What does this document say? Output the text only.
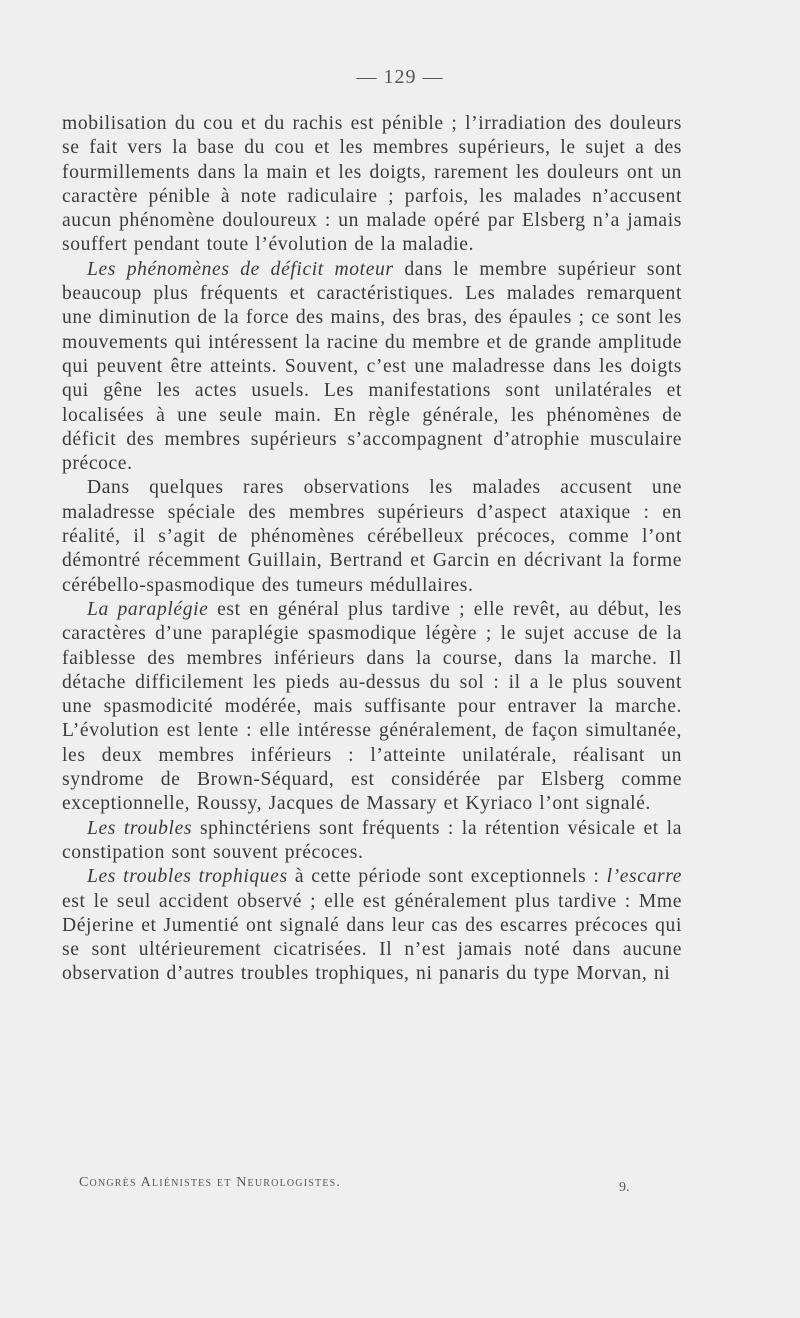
— 129 —

mobilisation du cou et du rachis est pénible ; l’irradiation des douleurs se fait vers la base du cou et les membres supérieurs, le sujet a des fourmillements dans la main et les doigts, rarement les douleurs ont un caractère pénible à note radiculaire ; parfois, les malades n’accusent aucun phénomène douloureux : un malade opéré par Elsberg n’a jamais souffert pendant toute l’évolution de la maladie.

Les phénomènes de déficit moteur dans le membre supérieur sont beaucoup plus fréquents et caractéristiques. Les malades remarquent une diminution de la force des mains, des bras, des épaules ; ce sont les mouvements qui intéressent la racine du membre et de grande amplitude qui peuvent être atteints. Souvent, c’est une maladresse dans les doigts qui gêne les actes usuels. Les manifestations sont unilatérales et localisées à une seule main. En règle générale, les phénomènes de déficit des membres supérieurs s’accompagnent d’atrophie musculaire précoce.

Dans quelques rares observations les malades accusent une maladresse spéciale des membres supérieurs d’aspect ataxique : en réalité, il s’agit de phénomènes cérébelleux précoces, comme l’ont démontré récemment Guillain, Bertrand et Garcin en décrivant la forme cérébello-spasmodique des tumeurs médullaires.

La paraplégie est en général plus tardive ; elle revêt, au début, les caractères d’une paraplégie spasmodique légère ; le sujet accuse de la faiblesse des membres inférieurs dans la course, dans la marche. Il détache difficilement les pieds au-dessus du sol : il a le plus souvent une spasmodicité modérée, mais suffisante pour entraver la marche. L’évolution est lente : elle intéresse généralement, de façon simultanée, les deux membres inférieurs : l’atteinte unilatérale, réalisant un syndrome de Brown-Séquard, est considérée par Elsberg comme exceptionnelle, Roussy, Jacques de Massary et Kyriaco l’ont signalé.

Les troubles sphinctériens sont fréquents : la rétention vésicale et la constipation sont souvent précoces.

Les troubles trophiques à cette période sont exceptionnels : l’escarre est le seul accident observé ; elle est généralement plus tardive : Mme Déjerine et Jumentié ont signalé dans leur cas des escarres précoces qui se sont ultérieurement cicatrisées. Il n’est jamais noté dans aucune observation d’autres troubles trophiques, ni panaris du type Morvan, ni

Congrès Aliénistes et Neurologistes.	9.
